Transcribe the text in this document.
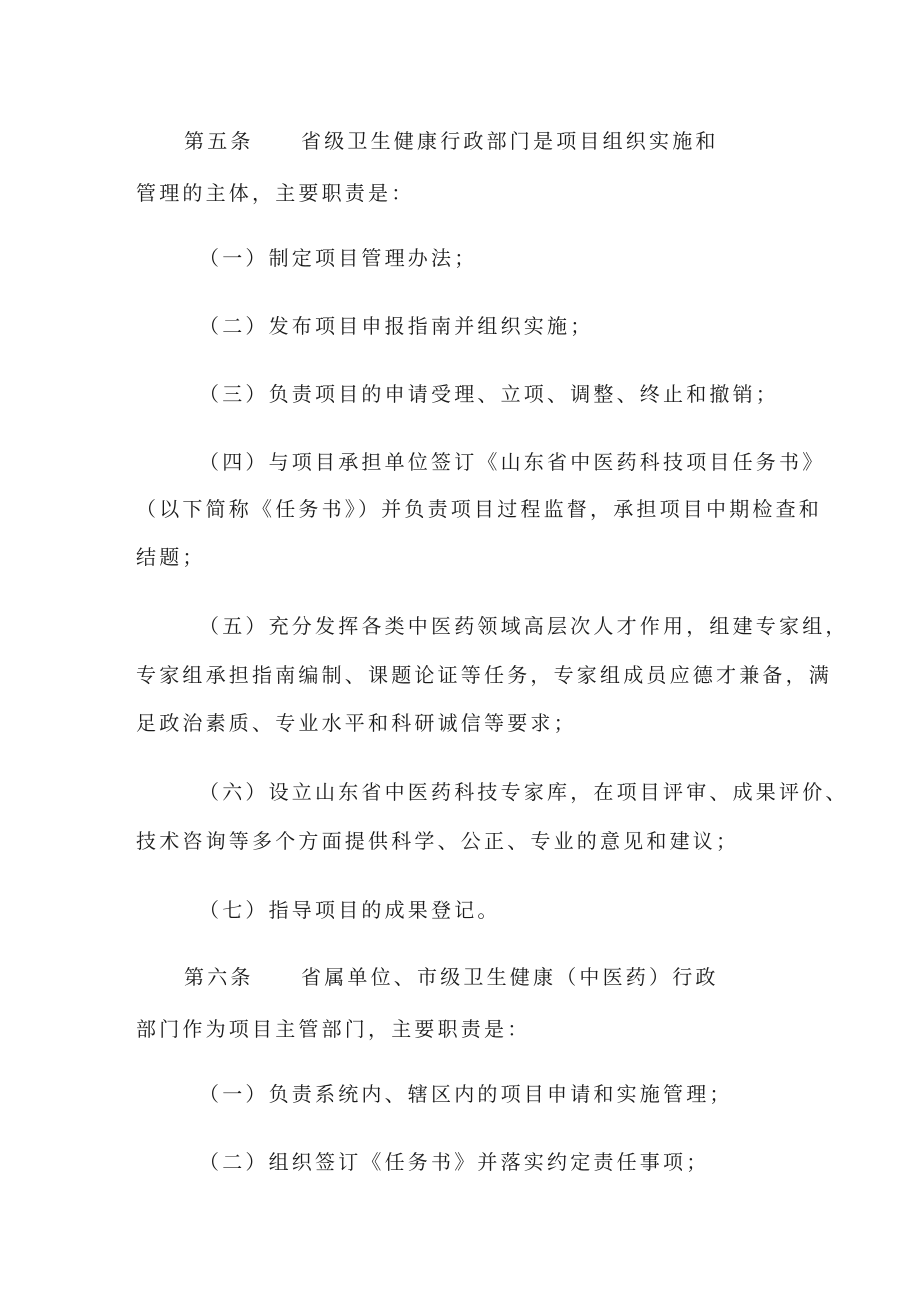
第五条 省级卫生健康行政部门是项目组织实施和
管理的主体，主要职责是：
（一）制定项目管理办法；
（二）发布项目申报指南并组织实施；
（三）负责项目的申请受理、立项、调整、终止和撤销；
（四）与项目承担单位签订《山东省中医药科技项目任务书》
（以下简称《任务书》）并负责项目过程监督，承担项目中期检查和
结题；
（五）充分发挥各类中医药领域高层次人才作用，组建专家组，
专家组承担指南编制、课题论证等任务，专家组成员应德才兼备，满
足政治素质、专业水平和科研诚信等要求；
（六）设立山东省中医药科技专家库，在项目评审、成果评价、
技术咨询等多个方面提供科学、公正、专业的意见和建议；
（七）指导项目的成果登记。
第六条 省属单位、市级卫生健康（中医药）行政
部门作为项目主管部门，主要职责是：
（一）负责系统内、辖区内的项目申请和实施管理；
（二）组织签订《任务书》并落实约定责任事项；
